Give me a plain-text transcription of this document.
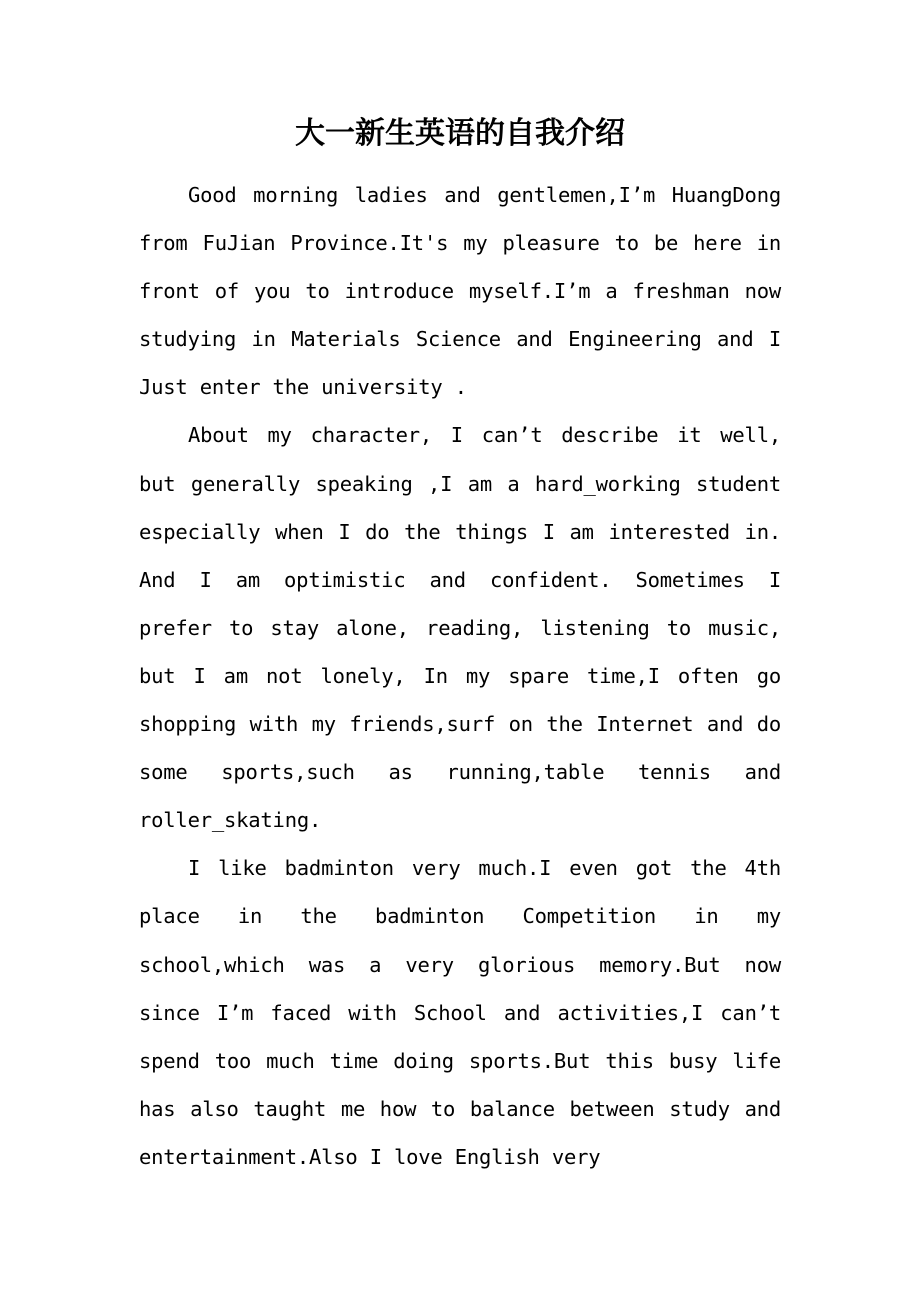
大一新生英语的自我介绍

Good morning ladies and gentlemen,I’m HuangDong from FuJian Province.It's my pleasure to be here in front of you to introduce myself.I’m a freshman now studying in Materials Science and Engineering and I Just enter the university .

About my character, I can’t describe it well, but generally speaking ,I am a hard_working student especially when I do the things I am interested in. And I am optimistic and confident. Sometimes I prefer to stay alone, reading, listening to music, but I am not lonely, In my spare time,I often go shopping with my friends,surf on the Internet and do some sports,such as running,table tennis and roller_skating.

I like badminton very much.I even got the 4th place in the badminton Competition in my school,which was a very glorious memory.But now since I’m faced with School and activities,I can’t spend too much time doing sports.But this busy life has also taught me how to balance between study and entertainment.Also I love English very
